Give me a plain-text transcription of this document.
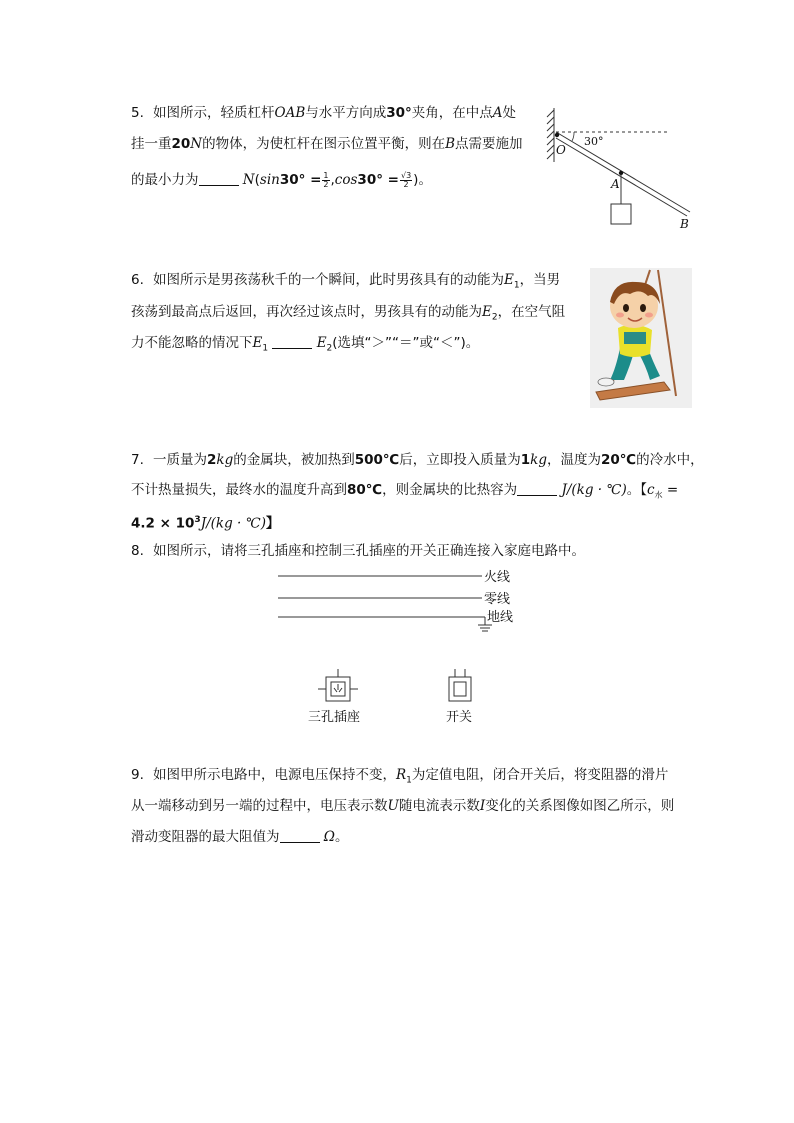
5. 如图所示，轻质杠杆OAB与水平方向成30°夹角，在中点A处
挂一重20N的物体，为使杠杆在图示位置平衡，则在B点需要施加
的最小力为	$N(\sin 30^\circ = \frac{1}{2} ,\cos 30^\circ = \frac{√3}{2}$ )。
O
30°
A
B
6. 如图所示是男孩荡秋千的一个瞬间，此时男孩具有的动能为$E_1$，当男
孩荡到最高点后返回，再次经过该点时，男孩具有的动能为$E_2$，在空气阻
力不能忽略的情况下$E_1$	$E_2$(选填“＞”“＝”或“＜”)。
7. 一质量为2kg的金属块，被加热到500℃后，立即投入质量为1kg，温度为20℃的冷水中，
不计热量损失，最终水的温度升高到80℃，则金属块的比热容为	J/(kg · ℃)。【$c_水$ =
$4.2 \times 10^3J/(kg$ · ℃)】
8. 如图所示，请将三孔插座和控制三孔插座的开关正确连接入家庭电路中。
火线
零线
地线
三孔插座	开关
9. 如图甲所示电路中，电源电压保持不变，$R_1$为定值电阻，闭合开关后，将变阻器的滑片
从一端移动到另一端的过程中，电压表示数U随电流表示数I变化的关系图像如图乙所示，则
滑动变阻器的最大阻值为	Ω。
